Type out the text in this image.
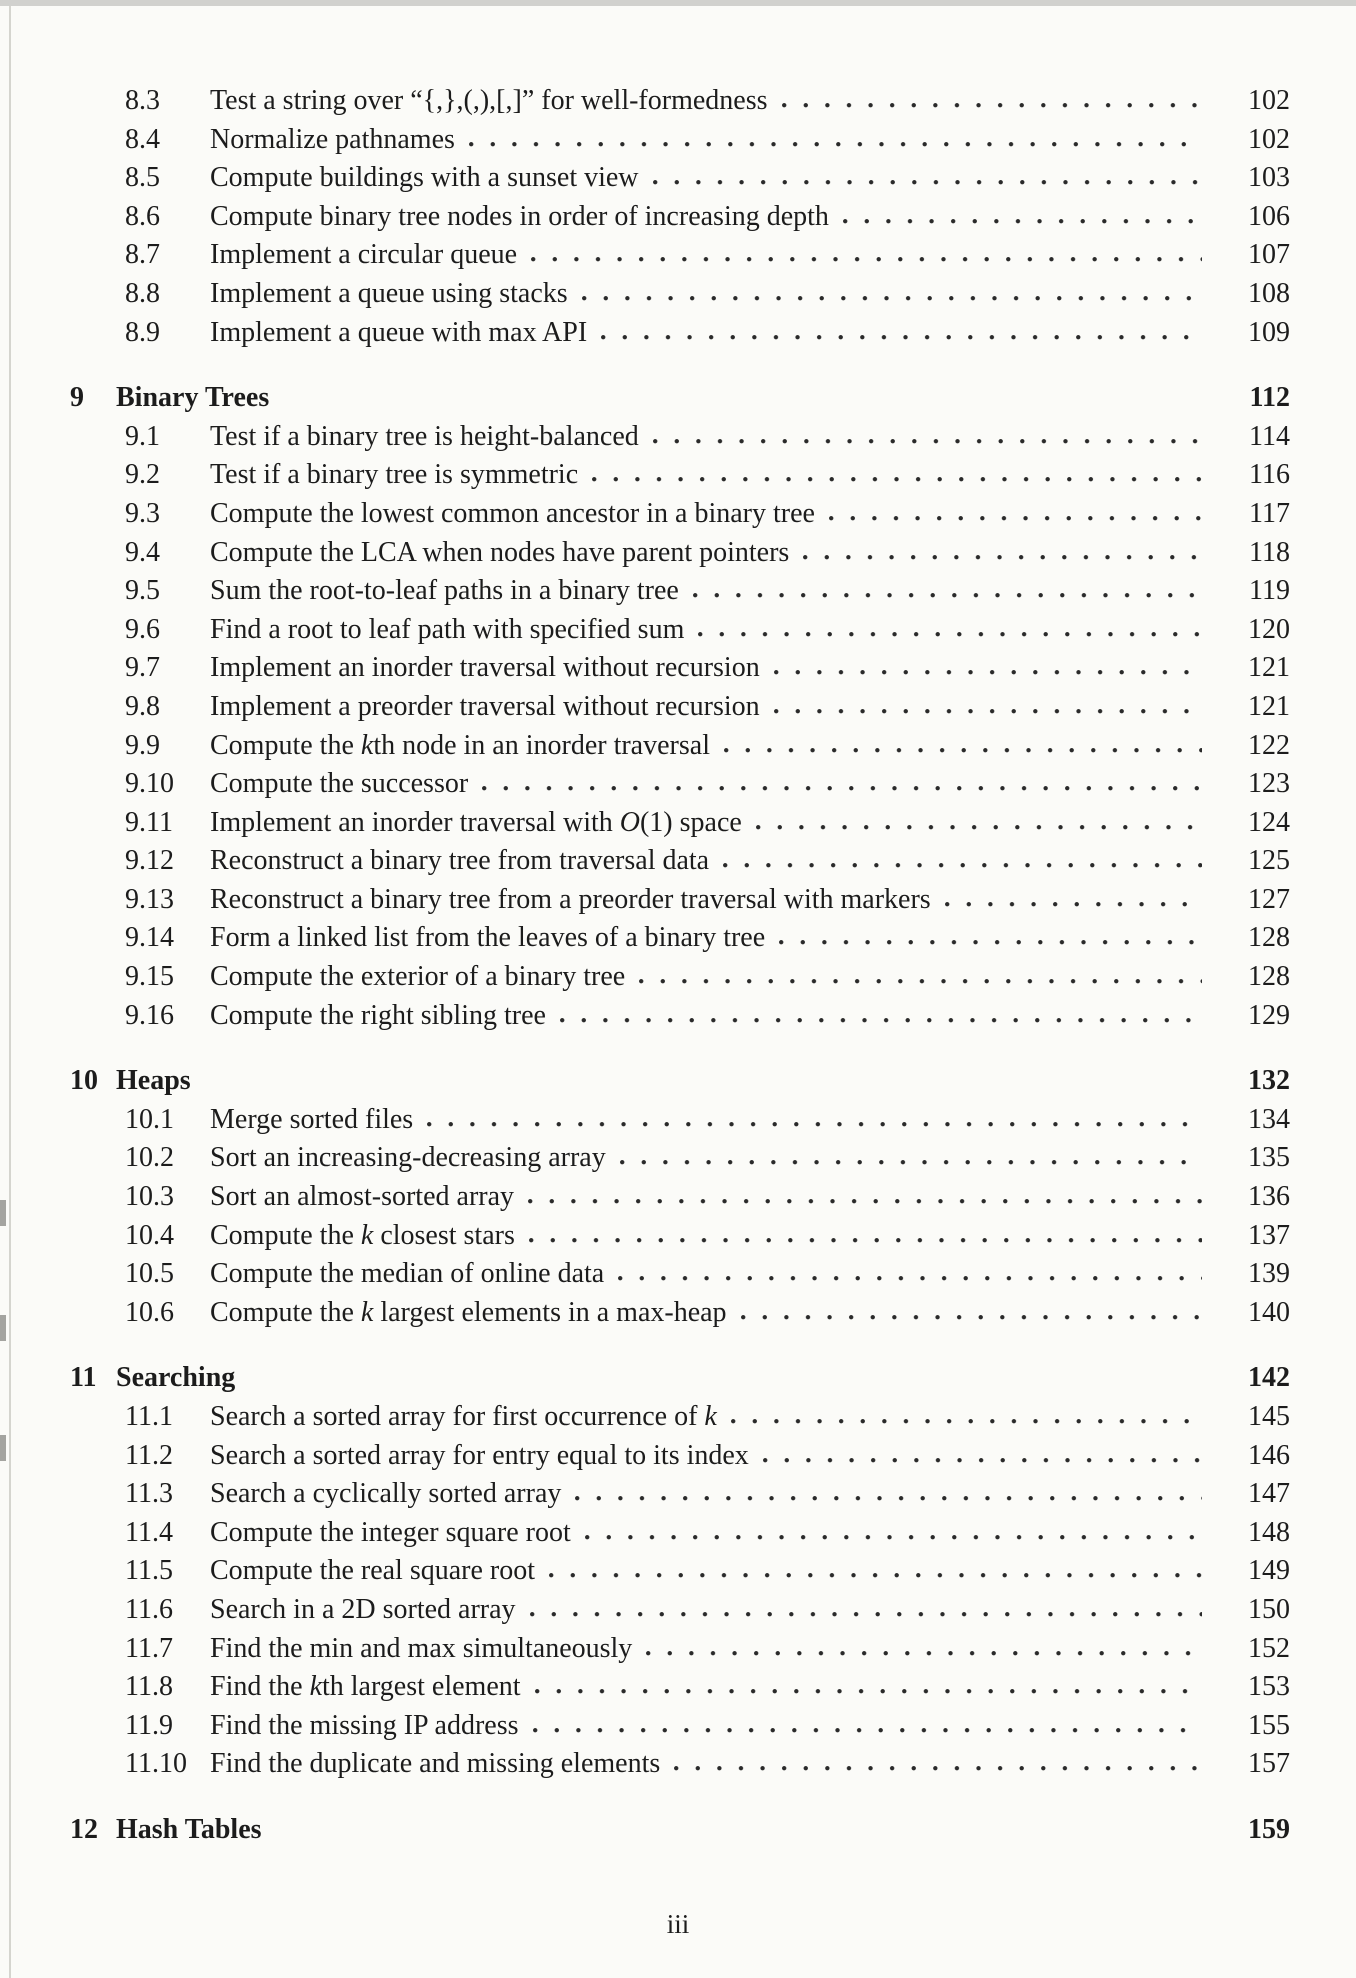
8.3	Test a string over “{,},(,),[,]” for well-formedness	102
8.4	Normalize pathnames	102
8.5	Compute buildings with a sunset view	103
8.6	Compute binary tree nodes in order of increasing depth	106
8.7	Implement a circular queue	107
8.8	Implement a queue using stacks	108
8.9	Implement a queue with max API	109
9	Binary Trees	112
9.1	Test if a binary tree is height-balanced	114
9.2	Test if a binary tree is symmetric	116
9.3	Compute the lowest common ancestor in a binary tree	117
9.4	Compute the LCA when nodes have parent pointers	118
9.5	Sum the root-to-leaf paths in a binary tree	119
9.6	Find a root to leaf path with specified sum	120
9.7	Implement an inorder traversal without recursion	121
9.8	Implement a preorder traversal without recursion	121
9.9	Compute the kth node in an inorder traversal	122
9.10	Compute the successor	123
9.11	Implement an inorder traversal with O(1) space	124
9.12	Reconstruct a binary tree from traversal data	125
9.13	Reconstruct a binary tree from a preorder traversal with markers	127
9.14	Form a linked list from the leaves of a binary tree	128
9.15	Compute the exterior of a binary tree	128
9.16	Compute the right sibling tree	129
10 Heaps	132
10.1	Merge sorted files	134
10.2	Sort an increasing-decreasing array	135
10.3	Sort an almost-sorted array	136
10.4	Compute the k closest stars	137
10.5	Compute the median of online data	139
10.6	Compute the k largest elements in a max-heap	140
11 Searching	142
11.1	Search a sorted array for first occurrence of k	145
11.2	Search a sorted array for entry equal to its index	146
11.3	Search a cyclically sorted array	147
11.4	Compute the integer square root	148
11.5	Compute the real square root	149
11.6	Search in a 2D sorted array	150
11.7	Find the min and max simultaneously	152
11.8	Find the kth largest element	153
11.9	Find the missing IP address	155
11.10 Find the duplicate and missing elements	157
12 Hash Tables	159
iii
